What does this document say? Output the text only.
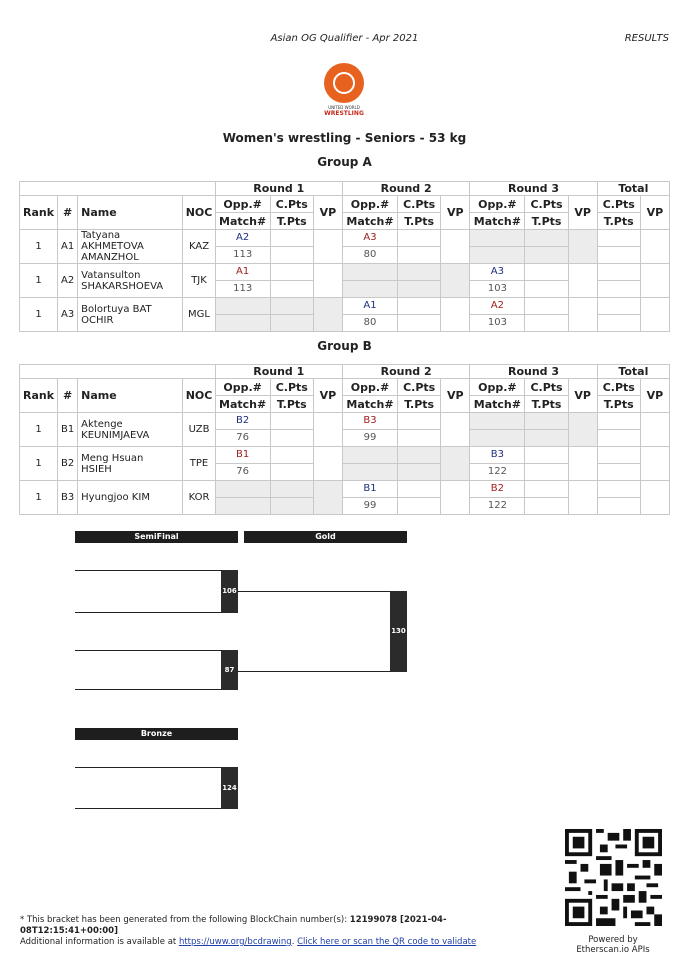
Asian OG Qualifier - Apr 2021	RESULTS
UNITED WORLD
WRESTLING
Women's wrestling - Seniors - 53 kg
Group A
				Round 1			Round 2			Round 3			Total	
Rank	#	Name	NOC	Opp.#	C.Pts	VP	Opp.#	C.Pts	VP	Opp.#	C.Pts	VP	C.Pts	VP
				Match#	T.Pts		Match#	T.Pts		Match#	T.Pts		T.Pts	
1	A1	Tatyana
AKHMETOVA AMANZHOL	KAZ	A2			A3							
				113			80							
1	A2	Vatansulton
SHAKARSHOEVA	TJK	A1						A3				
				113						103				
1	A3	Bolortuya BAT
OCHIR	MGL				A1			A2				
							80			103				
Group B
				Round 1			Round 2			Round 3			Total	
Rank	#	Name	NOC	Opp.#	C.Pts	VP	Opp.#	C.Pts	VP	Opp.#	C.Pts	VP	C.Pts	VP
				Match#	T.Pts		Match#	T.Pts		Match#	T.Pts		T.Pts	
1	B1	Aktenge
KEUNIMJAEVA	UZB	B2			B3							
				76			99							
1	B2	Meng Hsuan
HSIEH	TPE	B1						B3				
				76						122				
1	B3	Hyungjoo KIM	KOR				B1			B2				
							99			122				
SemiFinal	Gold
106
87
130
Bronze
124
Powered by
Etherscan.io APIs
* This bracket has been generated from the following BlockChain number(s): 12199078 [2021-04-08T12:15:41+00:00]
Additional information is available at https://uww.org/bcdrawing. Click here or scan the QR code to validate
